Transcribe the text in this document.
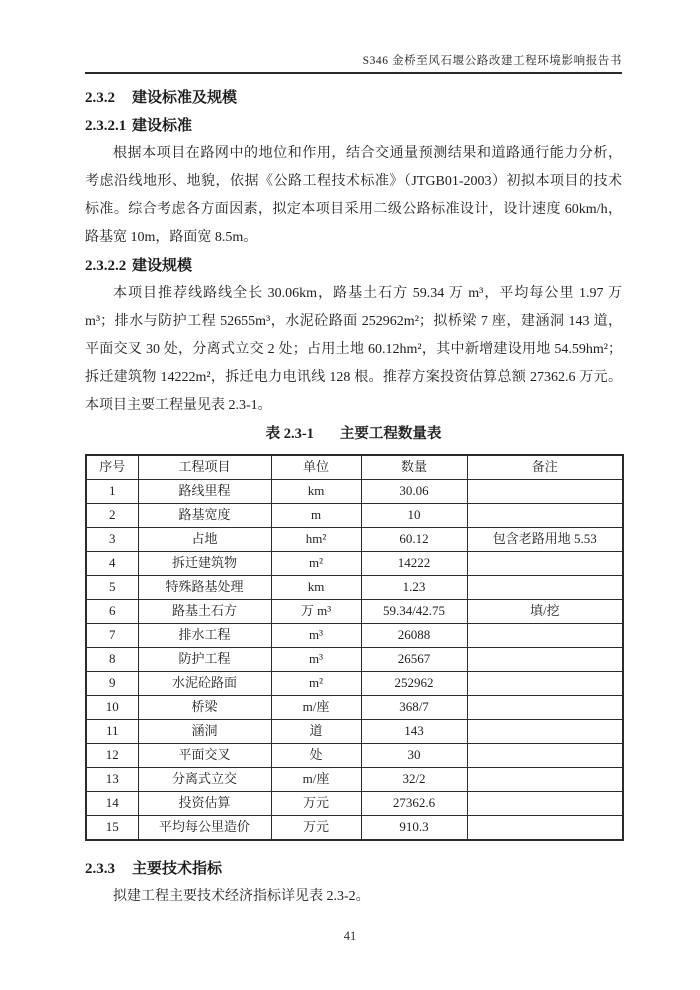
S346 金桥至风石堰公路改建工程环境影响报告书
2.3.2 建设标准及规模
2.3.2.1 建设标准
根据本项目在路网中的地位和作用，结合交通量预测结果和道路通行能力分析，
考虑沿线地形、地貌，依据《公路工程技术标准》（JTGB01-2003）初拟本项目的技术
标准。综合考虑各方面因素，拟定本项目采用二级公路标准设计，设计速度 60km/h，
路基宽 10m，路面宽 8.5m。
2.3.2.2 建设规模
本项目推荐线路线全长 30.06km，路基土石方 59.34 万 m³，平均每公里 1.97 万
m³；排水与防护工程 52655m³，水泥砼路面 252962m²；拟桥梁 7 座，建涵洞 143 道，
平面交叉 30 处，分离式立交 2 处；占用土地 60.12hm²，其中新增建设用地 54.59hm²；
拆迁建筑物 14222m²，拆迁电力电讯线 128 根。推荐方案投资估算总额 27362.6 万元。
本项目主要工程量见表 2.3-1。
表 2.3-1 主要工程数量表
序号	工程项目	单位	数量	备注
1	路线里程	km	30.06	
2	路基宽度	m	10	
3	占地	hm²	60.12	包含老路用地 5.53
4	拆迁建筑物	m²	14222	
5	特殊路基处理	km	1.23	
6	路基土石方	万 m³	59.34/42.75	填/挖
7	排水工程	m³	26088	
8	防护工程	m³	26567	
9	水泥砼路面	m²	252962	
10	桥梁	m/座	368/7	
11	涵洞	道	143	
12	平面交叉	处	30	
13	分离式立交	m/座	32/2	
14	投资估算	万元	27362.6	
15	平均每公里造价	万元	910.3	
2.3.3 主要技术指标
拟建工程主要技术经济指标详见表 2.3-2。
41
